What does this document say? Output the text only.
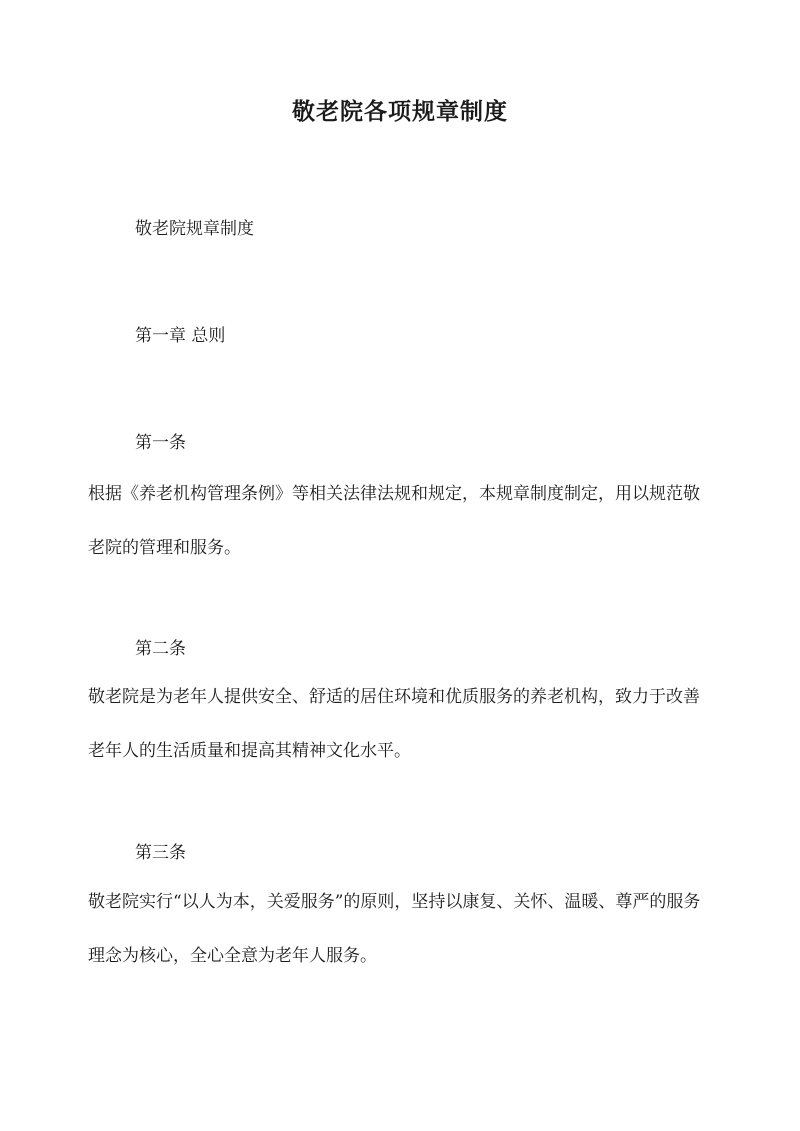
敬老院各项规章制度
敬老院规章制度
第一章 总则
第一条

根据《养老机构管理条例》等相关法律法规和规定，本规章制度制定，用以规范敬老院的管理和服务。

第二条

敬老院是为老年人提供安全、舒适的居住环境和优质服务的养老机构，致力于改善老年人的生活质量和提高其精神文化水平。

第三条

敬老院实行“以人为本，关爱服务”的原则，坚持以康复、关怀、温暖、尊严的服务理念为核心，全心全意为老年人服务。
